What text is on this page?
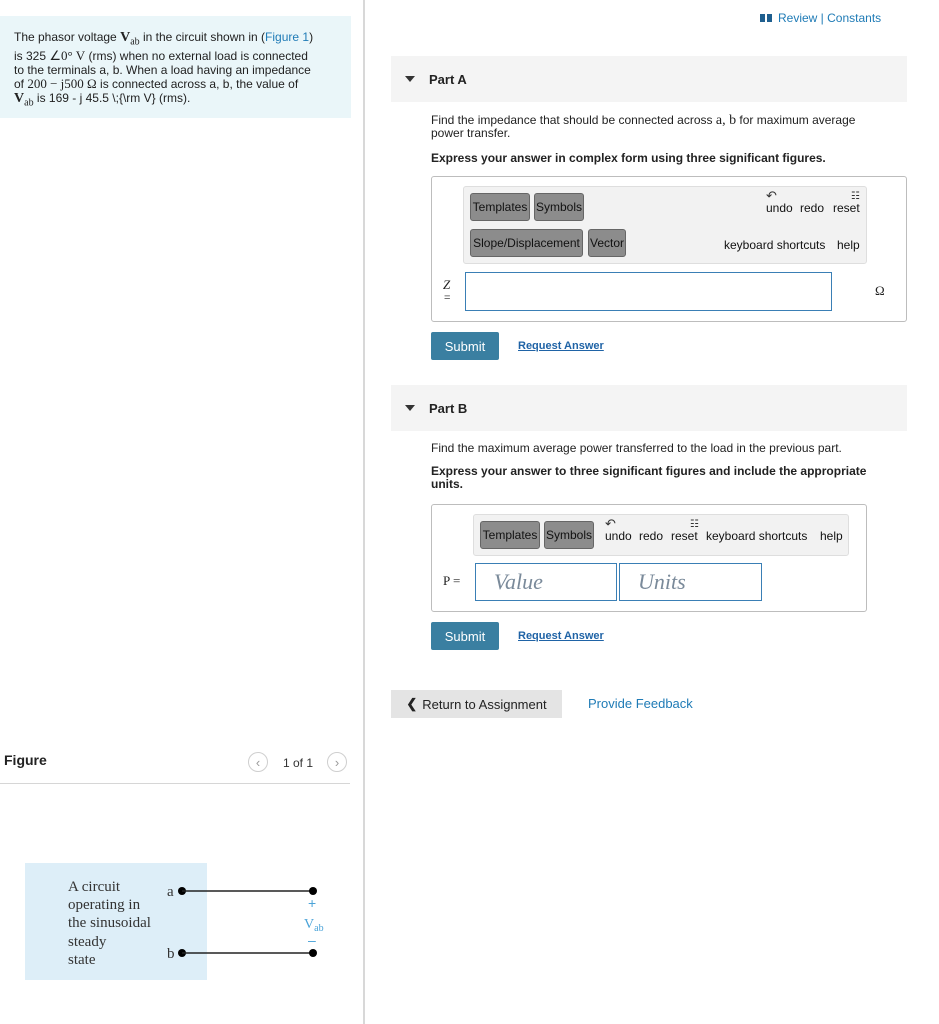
The phasor voltage $V_{ab}$ in the circuit shown in (Figure 1)
is 325 ∠0° V (rms) when no external load is connected
to the terminals a, b. When a load having an impedance
of 200 − j500 Ω is connected across a, b, the value of
$V_{ab}$ is 169 - j 45.5 \;{\rm V} (rms).
Figure	‹	1 of 1	›
A circuit operating in the sinusoidal steady state
a
b
+
$V_{ab}$
–
Review | Constants
Part A
Find the impedance that should be connected across a, b for maximum average
power transfer.
Express your answer in complex form using three significant figures.
Templates Symbols
Slope/Displacement Vector
↶
undo redo reset
☷
keyboard shortcuts help
Z
=	Ω
Submit	Request Answer
Part B
Find the maximum average power transferred to the load in the previous part.
Express your answer to three significant figures and include the appropriate
units.
Templates Symbols
↶
undo redo reset
☷
keyboard shortcuts help
P =	Value	Units
Submit	Request Answer
❮ Return to Assignment	Provide Feedback
